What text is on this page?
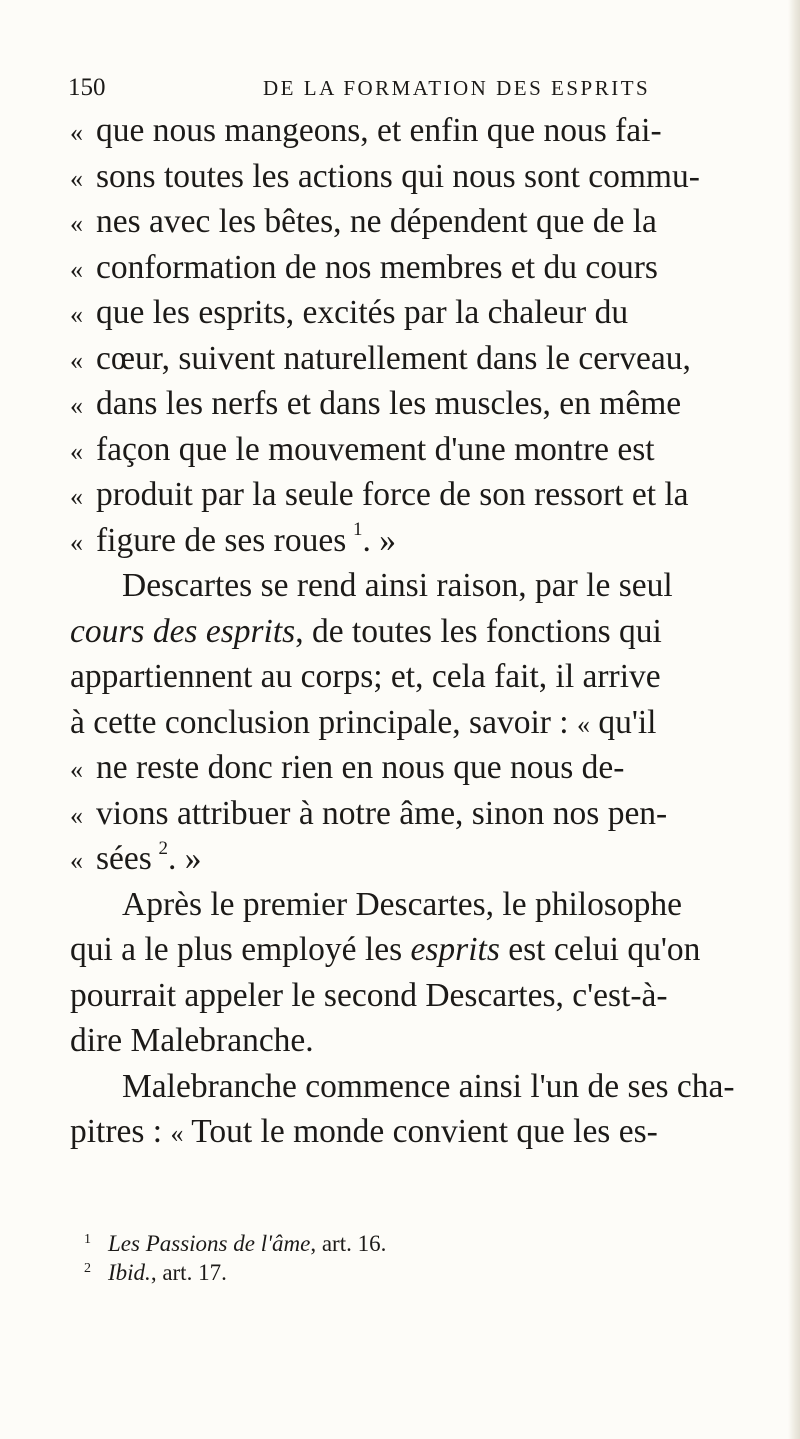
150	DE LA FORMATION DES ESPRITS
« que nous mangeons, et enfin que nous fai-
« sons toutes les actions qui nous sont commu-
« nes avec les bêtes, ne dépendent que de la
« conformation de nos membres et du cours
« que les esprits, excités par la chaleur du
« cœur, suivent naturellement dans le cerveau,
« dans les nerfs et dans les muscles, en même
« façon que le mouvement d'une montre est
« produit par la seule force de son ressort et la
« figure de ses roues  $^1$. »
Descartes se rend ainsi raison, par le seul
cours des esprits, de toutes les fonctions qui
appartiennent au corps; et, cela fait, il arrive
à cette conclusion principale, savoir : « qu'il
« ne reste donc rien en nous que nous de-
« vions attribuer à notre âme, sinon nos pen-
« sées  $^2$. »
Après le premier Descartes, le philosophe
qui a le plus employé les esprits est celui qu'on
pourrait appeler le second Descartes, c'est-à-
dire Malebranche.
Malebranche commence ainsi l'un de ses cha-
pitres : « Tout le monde convient que les es-
1 Les Passions de l'âme, art. 16.
2 Ibid., art. 17.
